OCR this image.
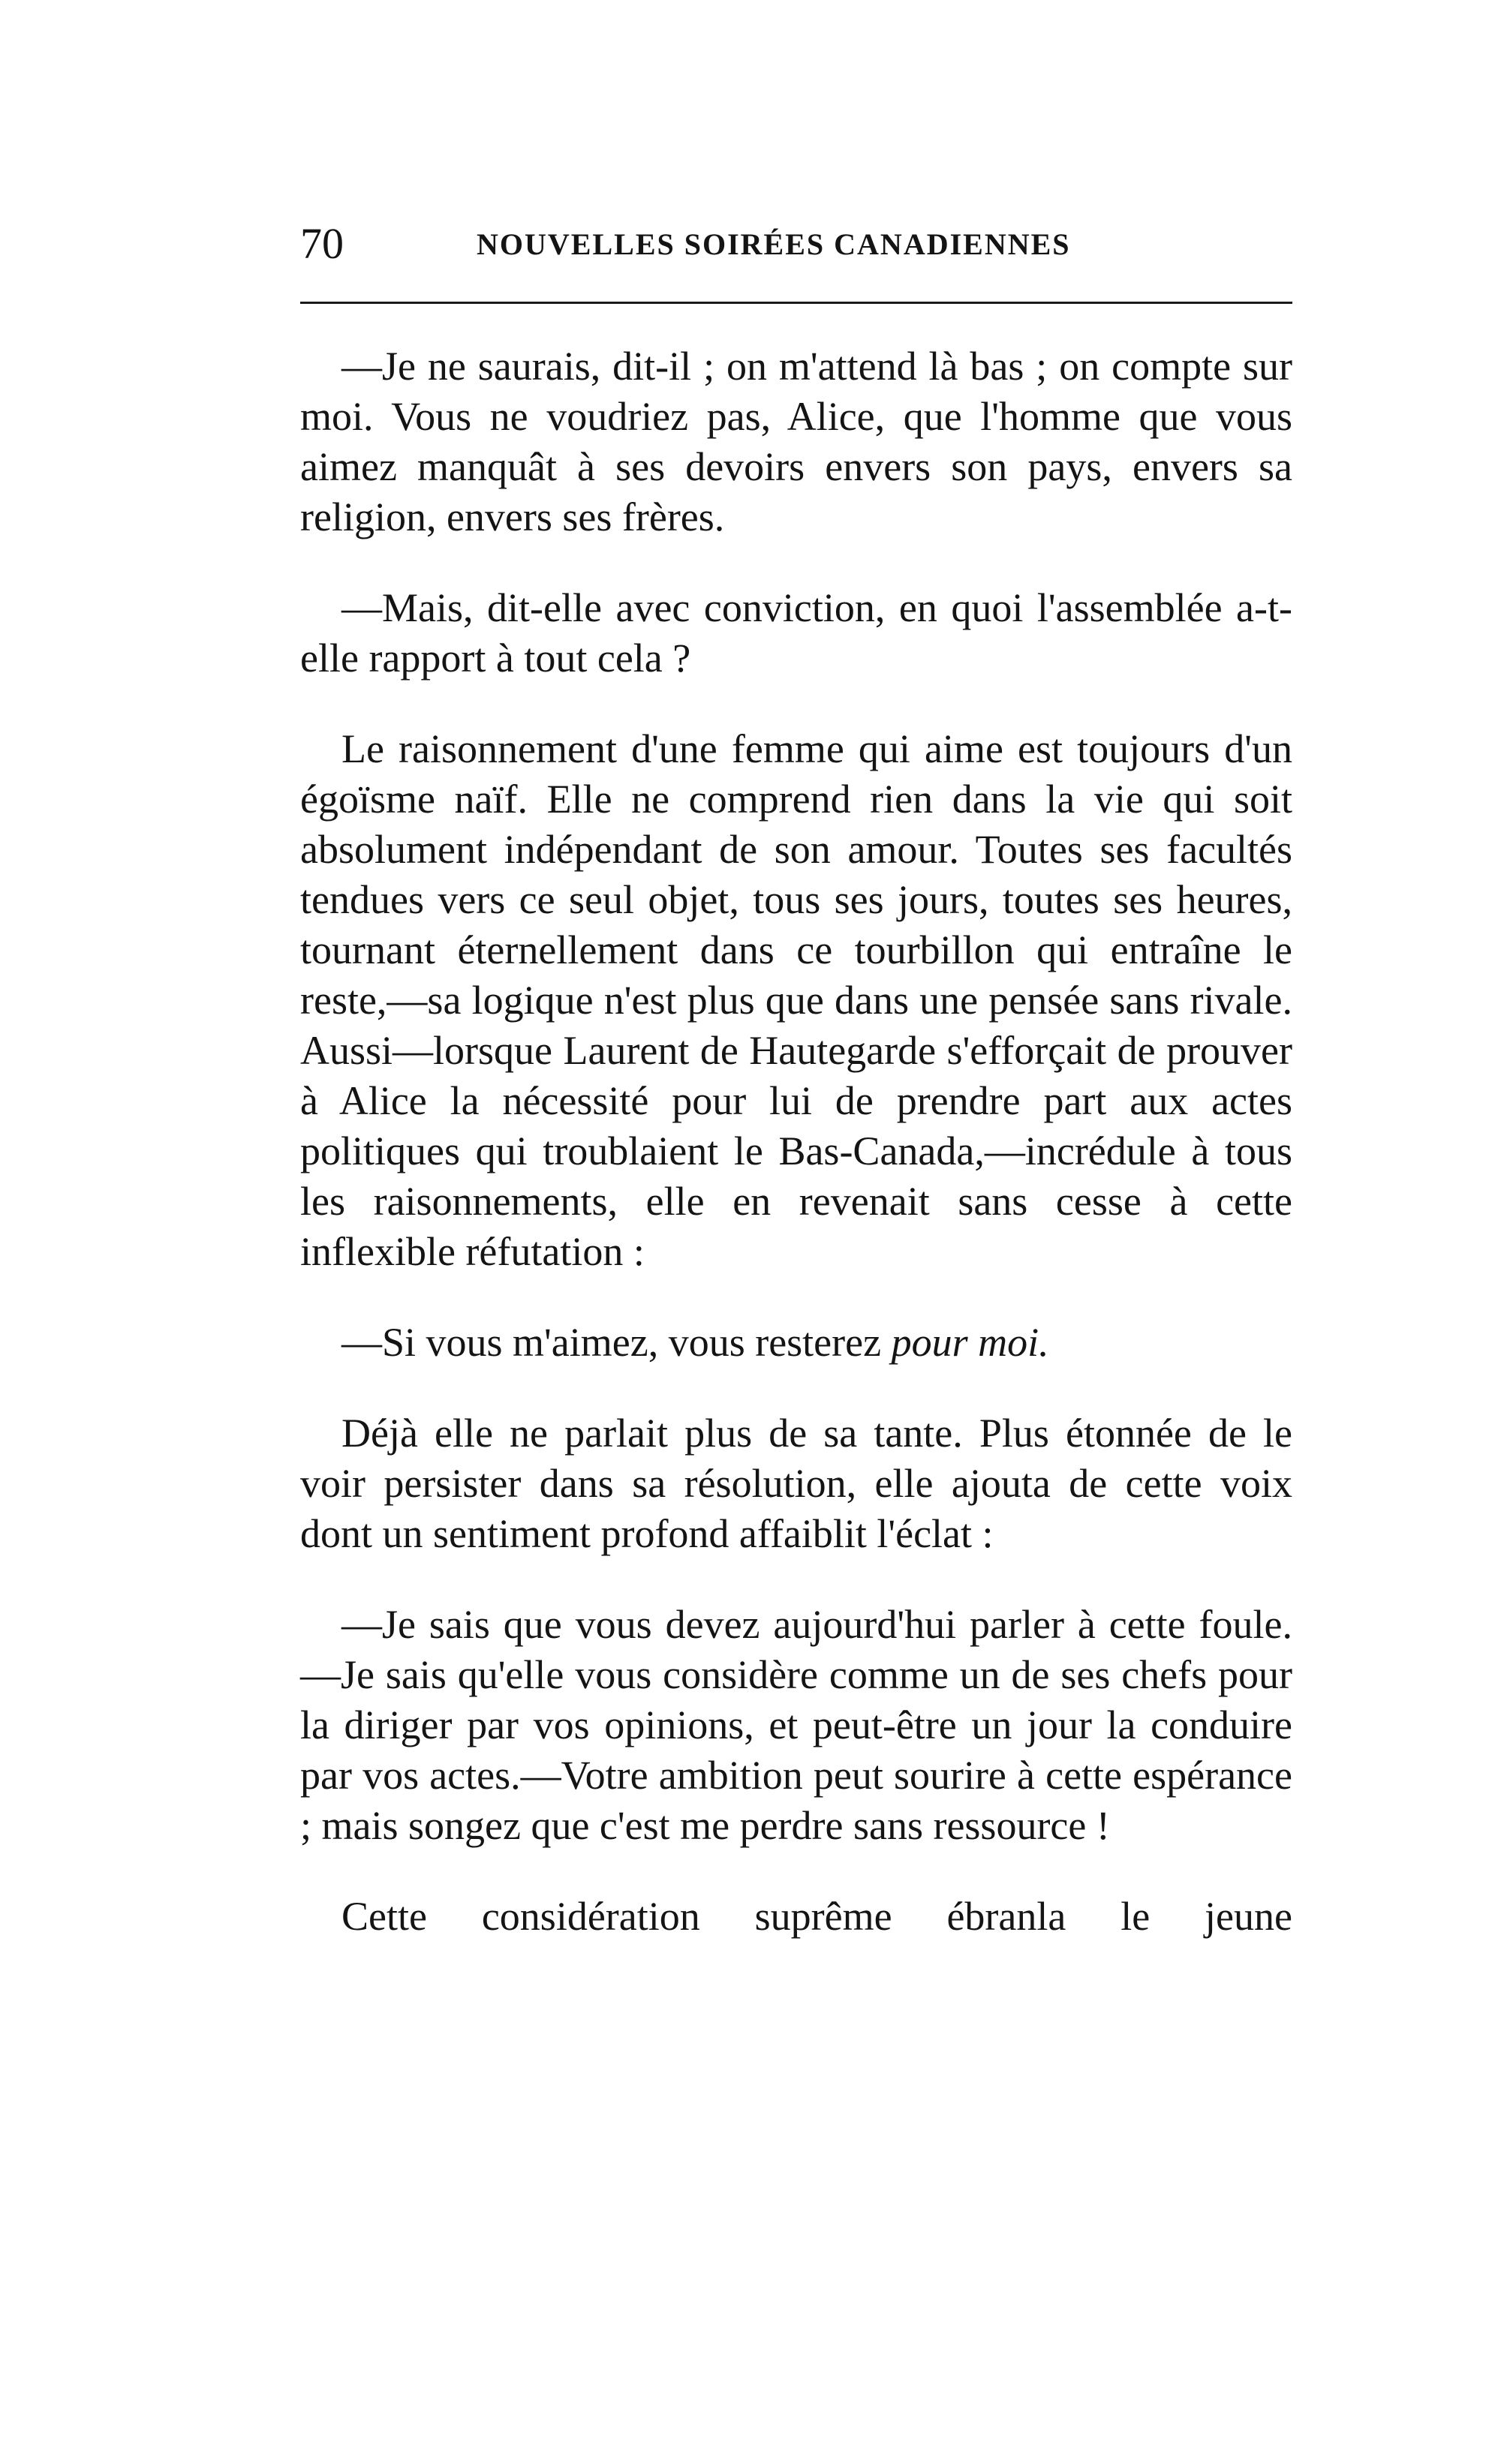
70	NOUVELLES SOIRÉES CANADIENNES

—Je ne saurais, dit-il ; on m'attend là bas ; on compte sur moi. Vous ne voudriez pas, Alice, que l'homme que vous aimez manquât à ses devoirs envers son pays, envers sa religion, envers ses frères.

—Mais, dit-elle avec conviction, en quoi l'assemblée a-t-elle rapport à tout cela ?

Le raisonnement d'une femme qui aime est toujours d'un égoïsme naïf. Elle ne comprend rien dans la vie qui soit absolument indépendant de son amour. Toutes ses facultés tendues vers ce seul objet, tous ses jours, toutes ses heures, tournant éternellement dans ce tourbillon qui entraîne le reste,—sa logique n'est plus que dans une pensée sans rivale. Aussi—lorsque Laurent de Hautegarde s'efforçait de prouver à Alice la nécessité pour lui de prendre part aux actes politiques qui troublaient le Bas-Canada,—incrédule à tous les raisonnements, elle en revenait sans cesse à cette inflexible réfutation :

—Si vous m'aimez, vous resterez pour moi.

Déjà elle ne parlait plus de sa tante. Plus étonnée de le voir persister dans sa résolution, elle ajouta de cette voix dont un sentiment profond affaiblit l'éclat :

—Je sais que vous devez aujourd'hui parler à cette foule.—Je sais qu'elle vous considère comme un de ses chefs pour la diriger par vos opinions, et peut-être un jour la conduire par vos actes.—Votre ambition peut sourire à cette espérance ; mais songez que c'est me perdre sans ressource !

Cette considération suprême ébranla le jeune
